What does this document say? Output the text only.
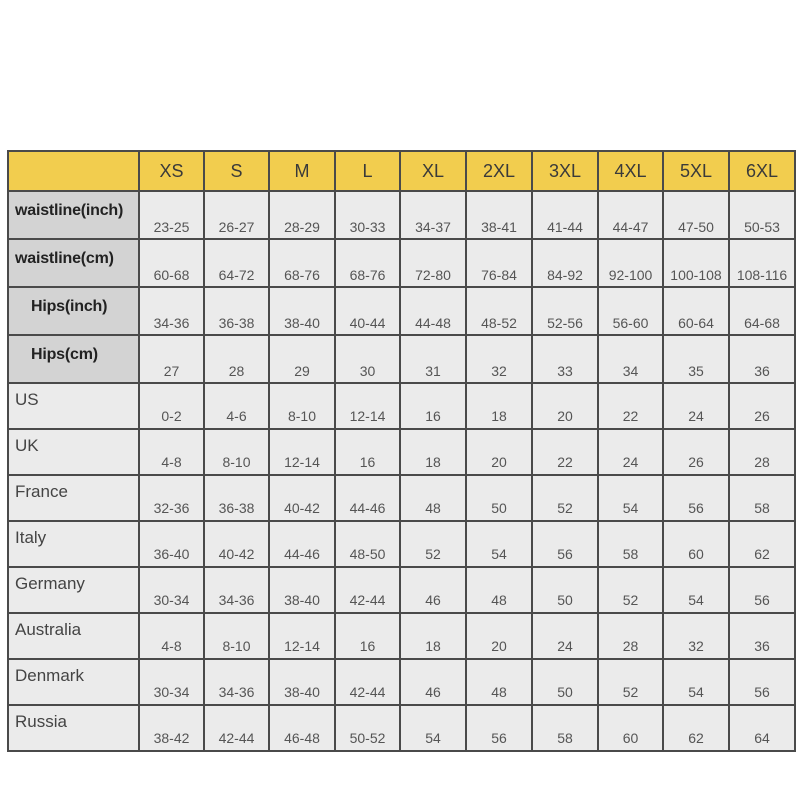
	XS	S	M	L	XL	2XL	3XL	4XL	5XL	6XL
waistline(inch)	23-25	26-27	28-29	30-33	34-37	38-41	41-44	44-47	47-50	50-53
waistline(cm)	60-68	64-72	68-76	68-76	72-80	76-84	84-92	92-100	100-108	108-116
Hips(inch)	34-36	36-38	38-40	40-44	44-48	48-52	52-56	56-60	60-64	64-68
Hips(cm)	27	28	29	30	31	32	33	34	35	36
US	0-2	4-6	8-10	12-14	16	18	20	22	24	26
UK	4-8	8-10	12-14	16	18	20	22	24	26	28
France	32-36	36-38	40-42	44-46	48	50	52	54	56	58
Italy	36-40	40-42	44-46	48-50	52	54	56	58	60	62
Germany	30-34	34-36	38-40	42-44	46	48	50	52	54	56
Australia	4-8	8-10	12-14	16	18	20	24	28	32	36
Denmark	30-34	34-36	38-40	42-44	46	48	50	52	54	56
Russia	38-42	42-44	46-48	50-52	54	56	58	60	62	64
